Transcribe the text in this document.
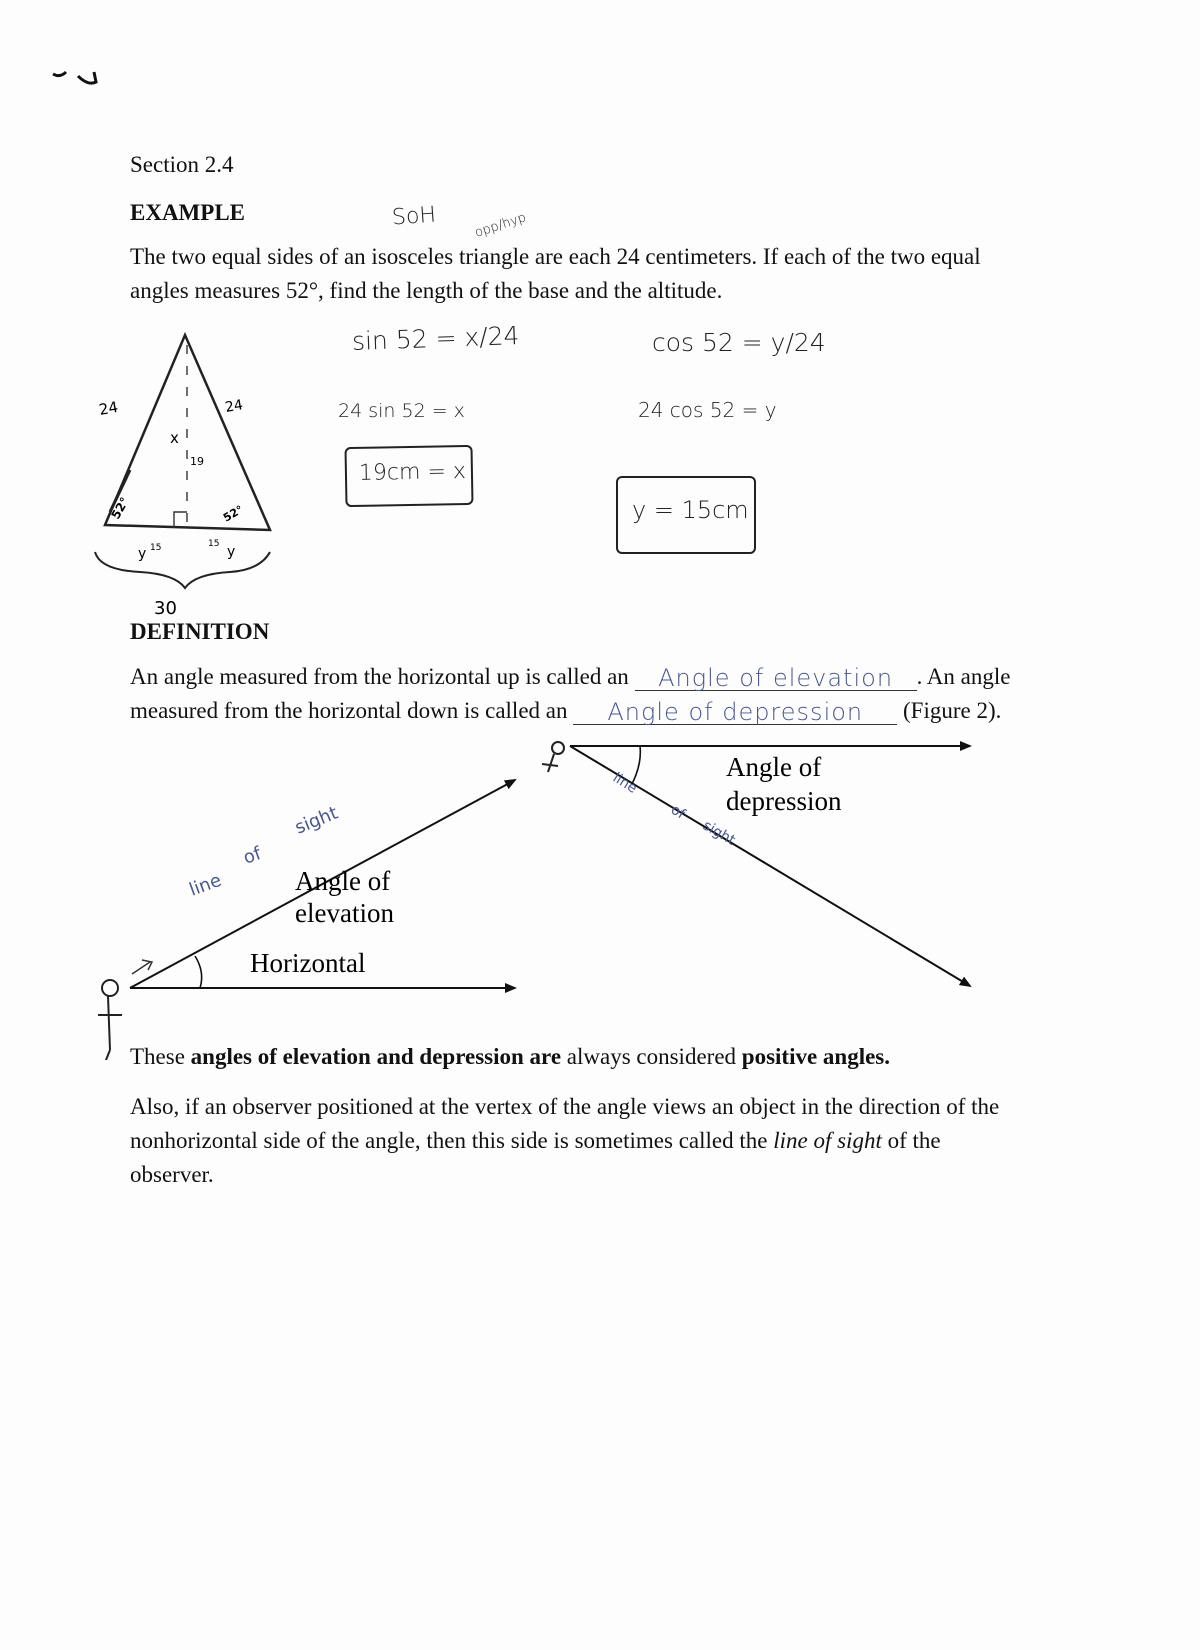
Section 2.4
EXAMPLE	SoH	opp/hyp
The two equal sides of an isosceles triangle are each 24 centimeters. If each of the two equal
angles measures 52°, find the length of the base and the altitude.
24	24
x
19
52°	52°
y 15	15 y
30
sin 52 = x/24
24 sin 52 = x
19cm = x
cos 52 = y/24
24 cos 52 = y
y = 15cm
DEFINITION
An angle measured from the horizontal up is called an Angle of elevation . An angle
measured from the horizontal down is called an Angle of depression (Figure 2).
Angle of
elevation
Horizontal
Angle of
depression
line
of
sight
line
of
sight
These angles of elevation and depression are always considered positive angles.
Also, if an observer positioned at the vertex of the angle views an object in the direction of the
nonhorizontal side of the angle, then this side is sometimes called the line of sight of the
observer.
